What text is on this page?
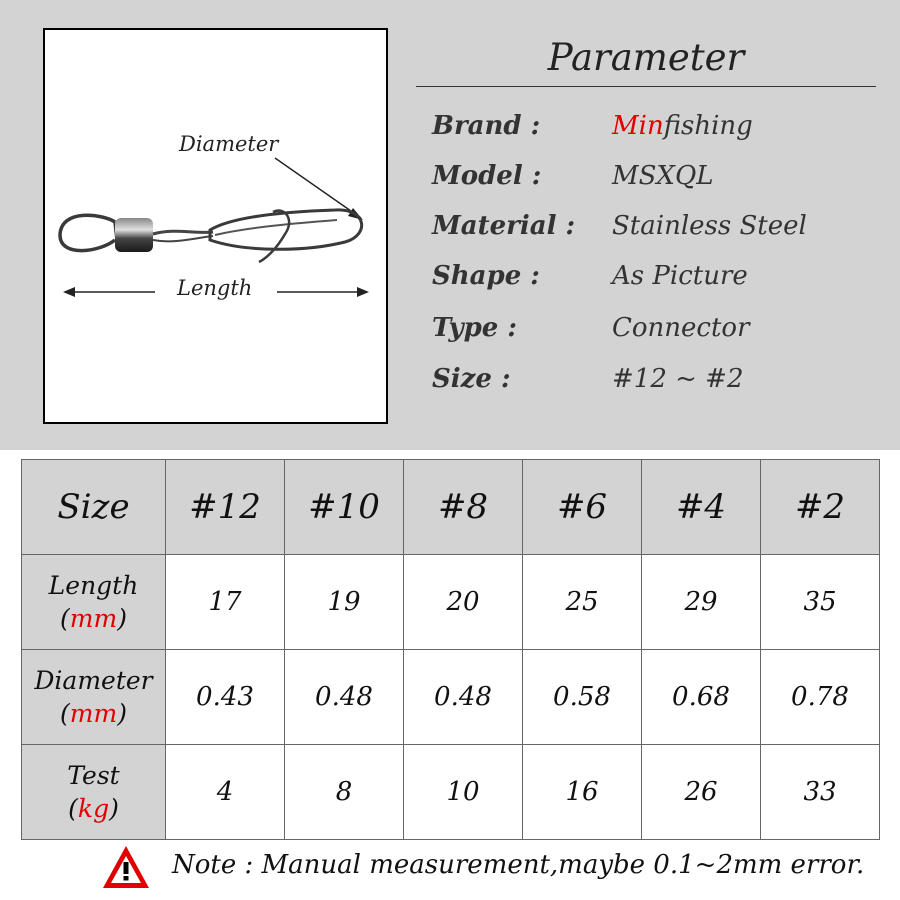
Diameter
Length
Parameter
Brand :	Minfishing
Model :	MSXQL
Material : Stainless Steel
Shape :	As Picture
Type :	Connector
Size :	#12 ~ #2
Size	#12	#10	#8	#6	#4	#2
Length
(mm)	17	19	20	25	29	35
Diameter
(mm)	0.43	0.48	0.48	0.58	0.68	0.78
Test
(kg)	4	8	10	16	26	33
Note : Manual measurement,maybe 0.1~2mm error.
